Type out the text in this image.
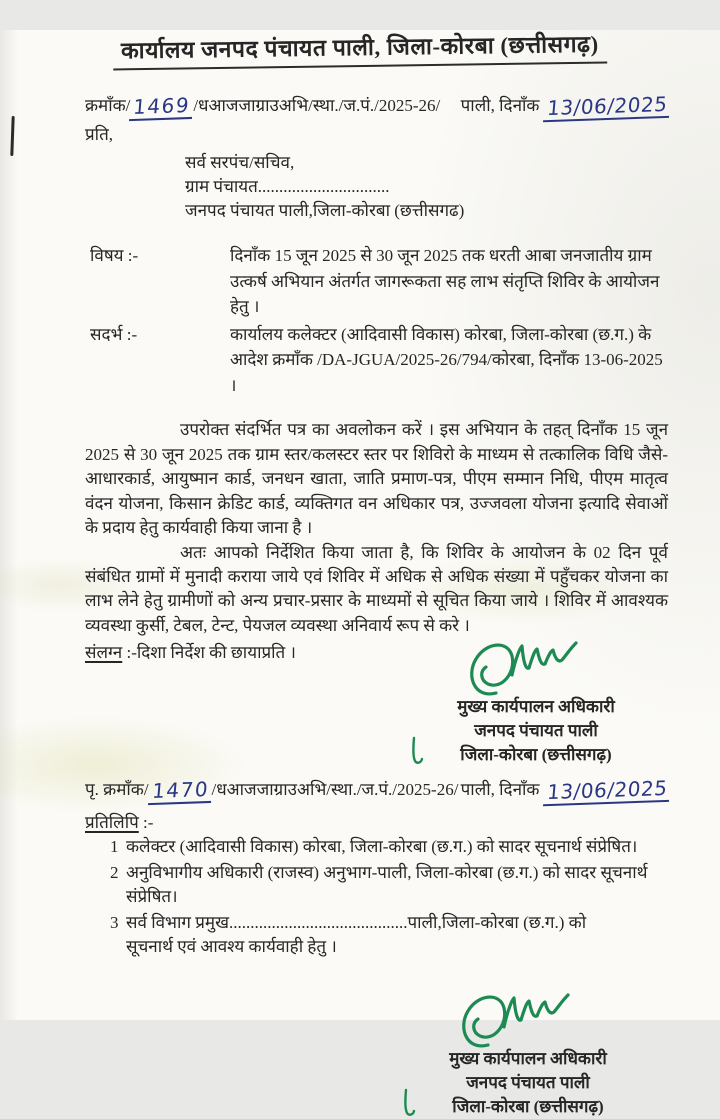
कार्यालय जनपद पंचायत पाली, जिला-कोरबा (छत्तीसगढ़)
क्रमाँक/ 1469 /धआजजाग्राउअभि/स्था./ज.पं./2025-26/ पाली, दिनाँक 13/06/2025
प्रति,
सर्व सरपंच/सचिव,
ग्राम पंचायत...............................
जनपद पंचायत पाली,जिला-कोरबा (छत्तीसगढ)
विषय :-	दिनाँक 15 जून 2025 से 30 जून 2025 तक धरती आबा जनजातीय ग्राम उत्कर्ष अभियान अंतर्गत जागरूकता सह लाभ संतृप्ति शिविर के आयोजन हेतु ।
सदर्भ :-	कार्यालय कलेक्टर (आदिवासी विकास) कोरबा, जिला-कोरबा (छ.ग.) के आदेश क्रमाँक /DA-JGUA/2025-26/794/कोरबा, दिनाँक 13-06-2025 ।
उपरोक्त संदर्भित पत्र का अवलोकन करें । इस अभियान के तहत् दिनाँक 15 जून 2025 से 30 जून 2025 तक ग्राम स्तर/कलस्टर स्तर पर शिविरो के माध्यम से तत्कालिक विधि जैसे- आधारकार्ड, आयुष्मान कार्ड, जनधन खाता, जाति प्रमाण-पत्र, पीएम सम्मान निधि, पीएम मातृत्व वंदन योजना, किसान क्रेडिट कार्ड, व्यक्तिगत वन अधिकार पत्र, उज्जवला योजना इत्यादि सेवाओं के प्रदाय हेतु कार्यवाही किया जाना है ।
अतः आपको निर्देशित किया जाता है, कि शिविर के आयोजन के 02 दिन पूर्व संबंधित ग्रामों में मुनादी कराया जाये एवं शिविर में अधिक से अधिक संख्या में पहुँचकर योजना का लाभ लेने हेतु ग्रामीणों को अन्य प्रचार-प्रसार के माध्यमों से सूचित किया जाये । शिविर में आवश्यक व्यवस्था कुर्सी, टेबल, टेन्ट, पेयजल व्यवस्था अनिवार्य रूप से करे ।
संलग्न :-दिशा निर्देश की छायाप्रति ।
मुख्य कार्यपालन अधिकारी
जनपद पंचायत पाली
जिला-कोरबा (छत्तीसगढ़)
पृ. क्रमाँक/ 1470 /धआजजाग्राउअभि/स्था./ज.पं./2025-26/ पाली, दिनाँक 13/06/2025
प्रतिलिपि :-
1 कलेक्टर (आदिवासी विकास) कोरबा, जिला-कोरबा (छ.ग.) को सादर सूचनार्थ संप्रेषित।
2 अनुविभागीय अधिकारी (राजस्व) अनुभाग-पाली, जिला-कोरबा (छ.ग.) को सादर सूचनार्थ संप्रेषित।
3 सर्व विभाग प्रमुख..........................................पाली,जिला-कोरबा (छ.ग.) को
सूचनार्थ एवं आवश्य कार्यवाही हेतु ।
मुख्य कार्यपालन अधिकारी
जनपद पंचायत पाली
जिला-कोरबा (छत्तीसगढ़)
